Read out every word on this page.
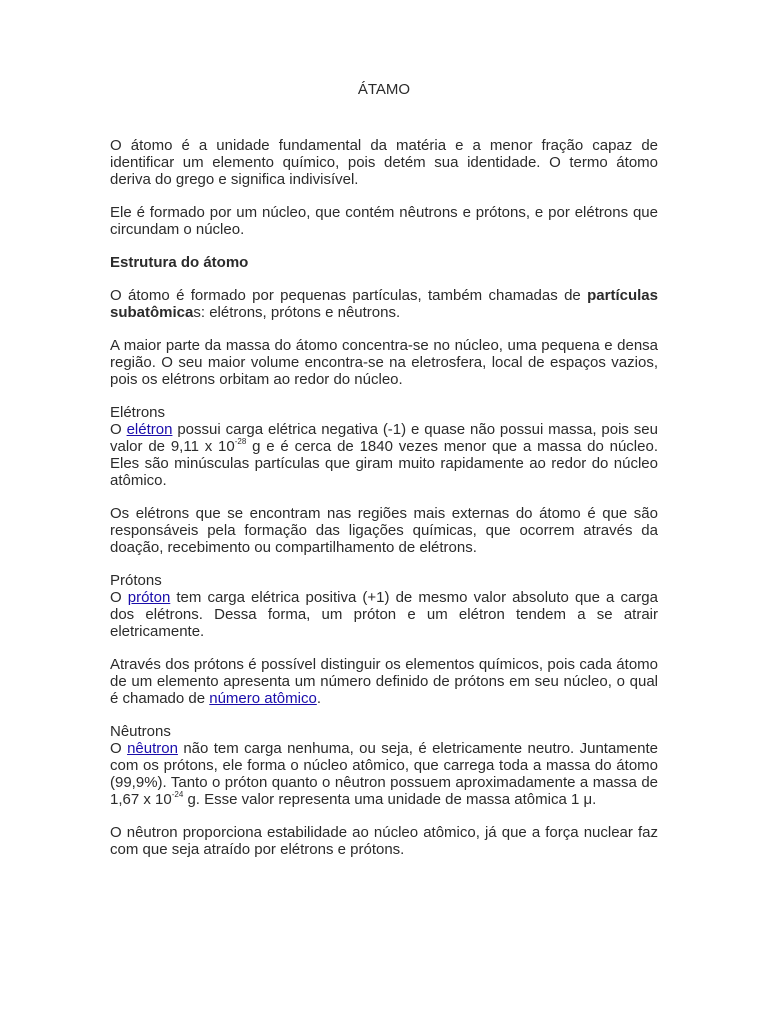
ÁTAMO

O átomo é a unidade fundamental da matéria e a menor fração capaz de identificar um elemento químico, pois detém sua identidade. O termo átomo deriva do grego e significa indivisível.

Ele é formado por um núcleo, que contém nêutrons e prótons, e por elétrons que circundam o núcleo.

Estrutura do átomo

O átomo é formado por pequenas partículas, também chamadas de partículas subatômicas: elétrons, prótons e nêutrons.

A maior parte da massa do átomo concentra-se no núcleo, uma pequena e densa região. O seu maior volume encontra-se na eletrosfera, local de espaços vazios, pois os elétrons orbitam ao redor do núcleo.

Elétrons

O elétron possui carga elétrica negativa (-1) e quase não possui massa, pois seu valor de 9,11 x $10^{-28}$ g e é cerca de 1840 vezes menor que a massa do núcleo. Eles são minúsculas partículas que giram muito rapidamente ao redor do núcleo atômico.

Os elétrons que se encontram nas regiões mais externas do átomo é que são responsáveis pela formação das ligações químicas, que ocorrem através da doação, recebimento ou compartilhamento de elétrons.

Prótons

O próton tem carga elétrica positiva (+1) de mesmo valor absoluto que a carga dos elétrons. Dessa forma, um próton e um elétron tendem a se atrair eletricamente.

Através dos prótons é possível distinguir os elementos químicos, pois cada átomo de um elemento apresenta um número definido de prótons em seu núcleo, o qual é chamado de número atômico.

Nêutrons

O nêutron não tem carga nenhuma, ou seja, é eletricamente neutro. Juntamente com os prótons, ele forma o núcleo atômico, que carrega toda a massa do átomo (99,9%). Tanto o próton quanto o nêutron possuem aproximadamente a massa de 1,67 x $10^{-24}$ g. Esse valor representa uma unidade de massa atômica 1 μ.

O nêutron proporciona estabilidade ao núcleo atômico, já que a força nuclear faz com que seja atraído por elétrons e prótons.
